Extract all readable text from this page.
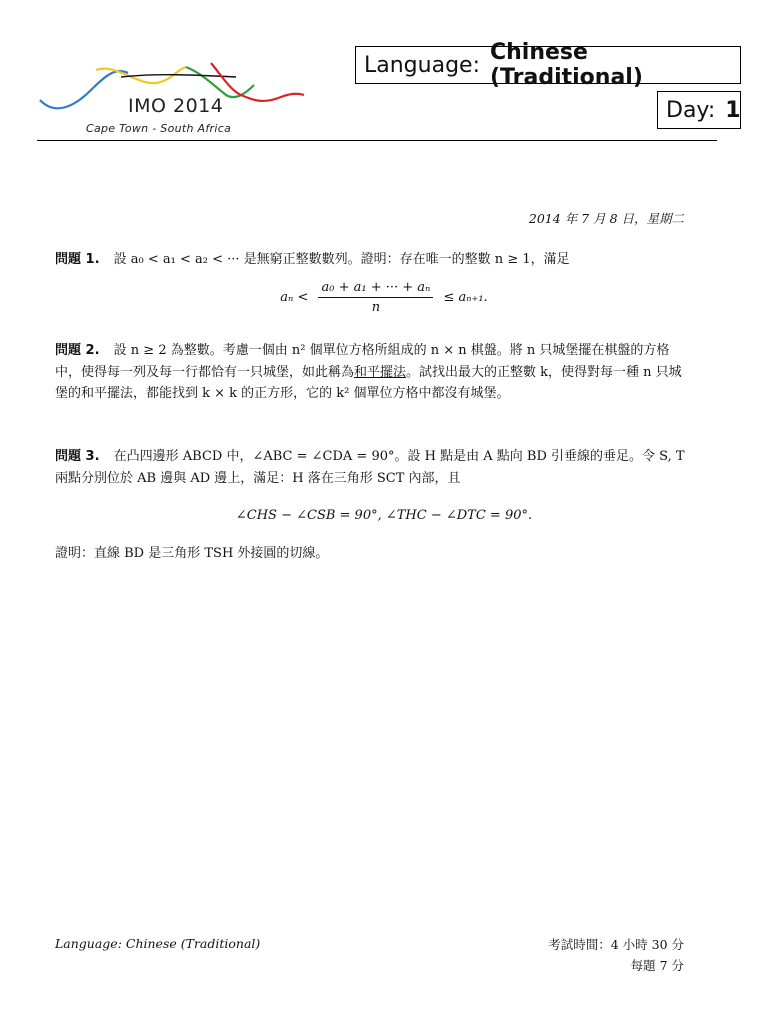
IMO 2014
Cape Town - South Africa
Language: Chinese (Traditional)
Day: 1
2014 年 7 月 8 日，星期二
問題 1. 設 a₀ < a₁ < a₂ < ··· 是無窮正整數數列。證明：存在唯一的整數 n ≥ 1，滿足
$a_n < \frac{\text{a₀ + a₁ + ··· + aₙ}}{n} \le a_{n+1}$.
問題 2. 設 n ≥ 2 為整數。考慮一個由 n² 個單位方格所組成的 n × n 棋盤。將 n 只城堡擺在棋盤的方格中，使得每一列及每一行都恰有一只城堡，如此稱為和平擺法。試找出最大的正整數 k，使得對每一種 n 只城堡的和平擺法，都能找到 k × k 的正方形，它的 k² 個單位方格中都沒有城堡。
問題 3. 在凸四邊形 ABCD 中，∠ABC = ∠CDA = 90°。設 H 點是由 A 點向 BD 引垂線的垂足。令 S, T 兩點分別位於 AB 邊與 AD 邊上，滿足：H 落在三角形 SCT 內部，且
∠CHS − ∠CSB = 90°, ∠THC − ∠DTC = 90°.
證明：直線 BD 是三角形 TSH 外接圓的切線。
Language: Chinese (Traditional)	考試時間：4 小時 30 分
每題 7 分
